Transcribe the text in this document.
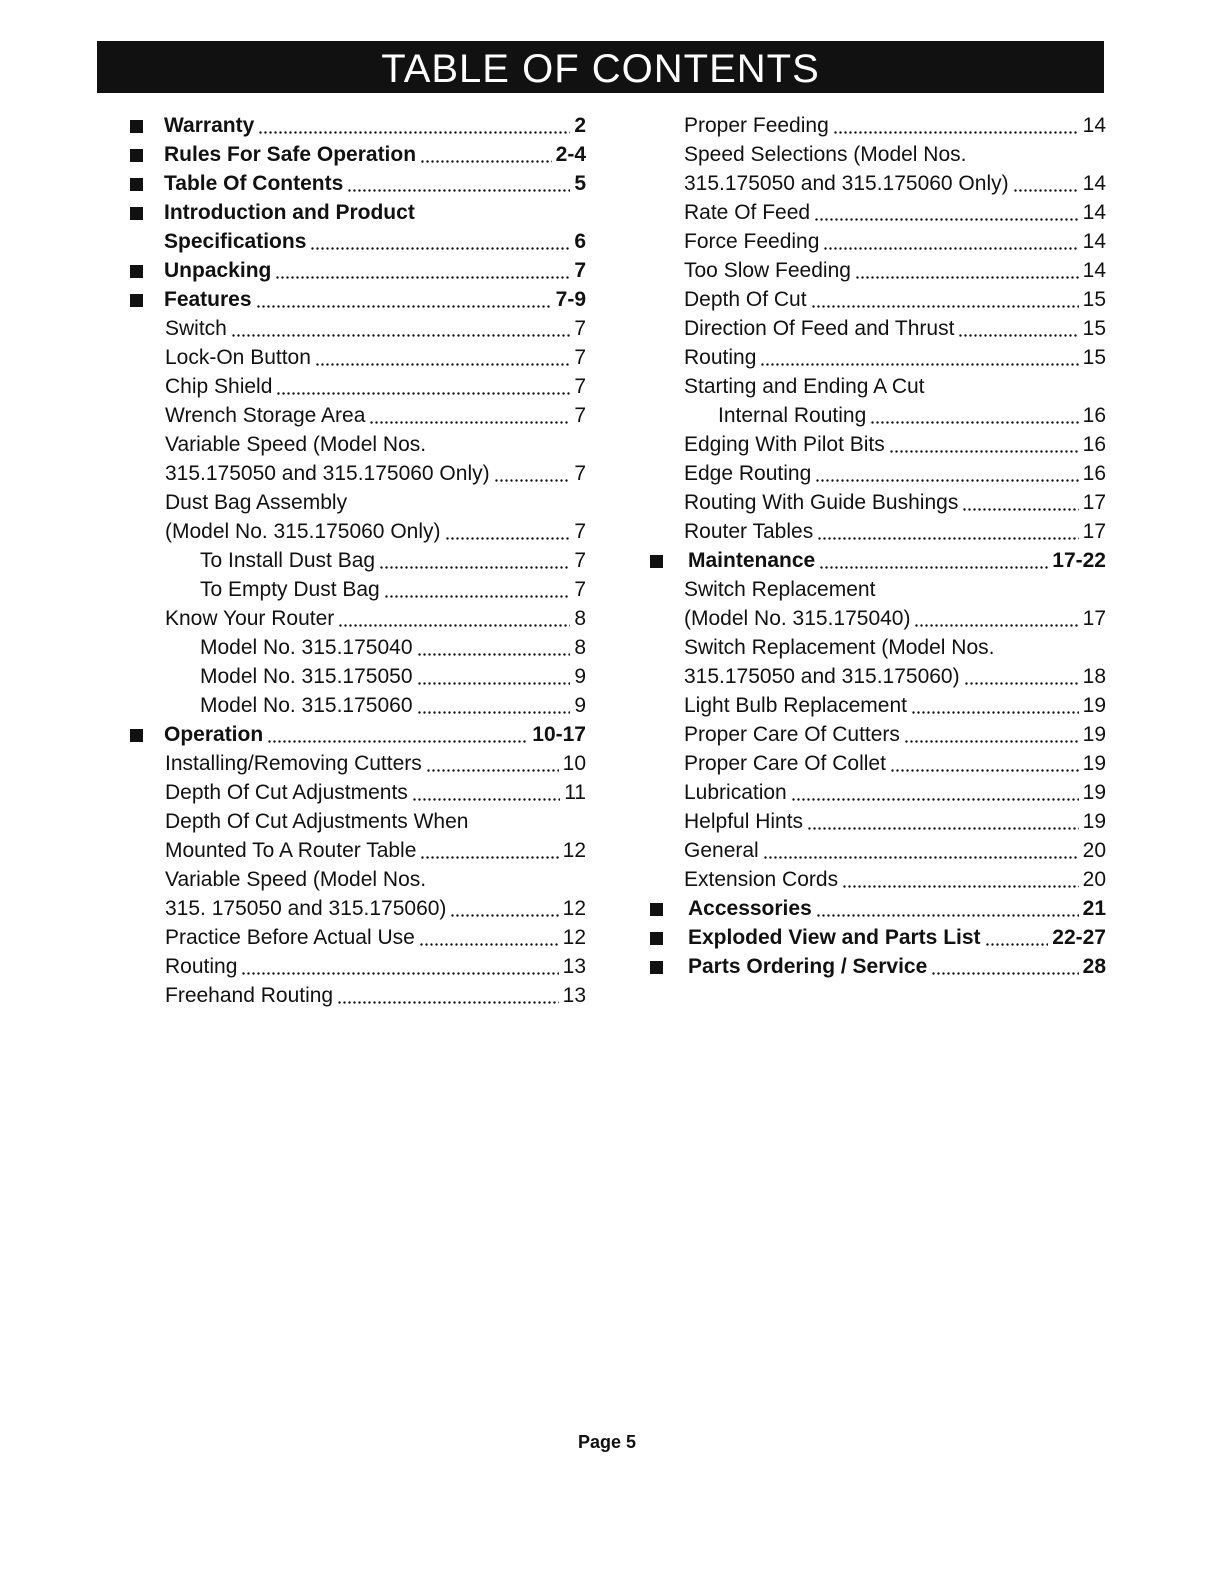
TABLE OF CONTENTS
Warranty	2
Rules For Safe Operation	2-4
Table Of Contents	5
Introduction and Product
Specifications	6
Unpacking	7
Features	7-9
Switch	7
Lock-On Button	7
Chip Shield	7
Wrench Storage Area	7
Variable Speed (Model Nos.
315.175050 and 315.175060 Only)	7
Dust Bag Assembly
(Model No. 315.175060 Only)	7
To Install Dust Bag	7
To Empty Dust Bag	7
Know Your Router	8
Model No. 315.175040	8
Model No. 315.175050	9
Model No. 315.175060	9
Operation	10-17
Installing/Removing Cutters	10
Depth Of Cut Adjustments	11
Depth Of Cut Adjustments When
Mounted To A Router Table	12
Variable Speed (Model Nos.
315. 175050 and 315.175060)	12
Practice Before Actual Use	12
Routing	13
Freehand Routing	13
Proper Feeding	14
Speed Selections (Model Nos.
315.175050 and 315.175060 Only)	14
Rate Of Feed	14
Force Feeding	14
Too Slow Feeding	14
Depth Of Cut	15
Direction Of Feed and Thrust	15
Routing	15
Starting and Ending A Cut
Internal Routing	16
Edging With Pilot Bits	16
Edge Routing	16
Routing With Guide Bushings	17
Router Tables	17
Maintenance	17-22
Switch Replacement
(Model No. 315.175040)	17
Switch Replacement (Model Nos.
315.175050 and 315.175060)	18
Light Bulb Replacement	19
Proper Care Of Cutters	19
Proper Care Of Collet	19
Lubrication	19
Helpful Hints	19
General	20
Extension Cords	20
Accessories	21
Exploded View and Parts List	22-27
Parts Ordering / Service	28
Page 5
